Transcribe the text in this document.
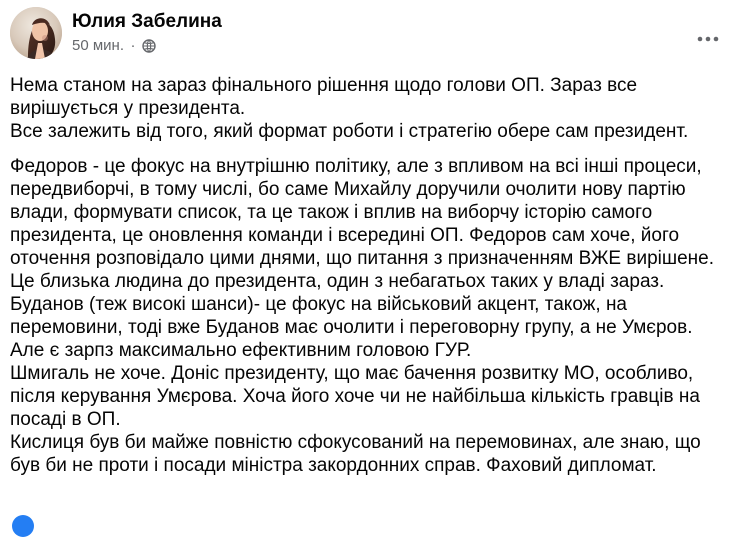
Юлия Забелина
50 мин. ·

Нема станом на зараз фінального рішення щодо голови ОП. Зараз все
вирішується у президента.
Все залежить від того, який формат роботи і стратегію обере сам президент.

Федоров - це фокус на внутрішню політику, але з впливом на всі інші процеси,
передвиборчі, в тому числі, бо саме Михайлу доручили очолити нову партію
влади, формувати список, та це також і вплив на виборчу історію самого
президента, це оновлення команди і всередині ОП. Федоров сам хоче, його
оточення розповідало цими днями, що питання з призначенням ВЖЕ вирішене.
Це близька людина до президента, один з небагатьох таких у владі зараз.
Буданов (теж високі шанси)- це фокус на військовий акцент, також, на
перемовини, тоді вже Буданов має очолити і переговорну групу, а не Умєров.
Але є зарпз максимально ефективним головою ГУР.
Шмигаль не хоче. Доніс президенту, що має бачення розвитку МО, особливо,
після керування Умєрова. Хоча його хоче чи не найбільша кількість гравців на
посаді в ОП.
Кислиця був би майже повністю сфокусований на перемовинах, але знаю, що
був би не проти і посади міністра закордонних справ. Фаховий дипломат.
